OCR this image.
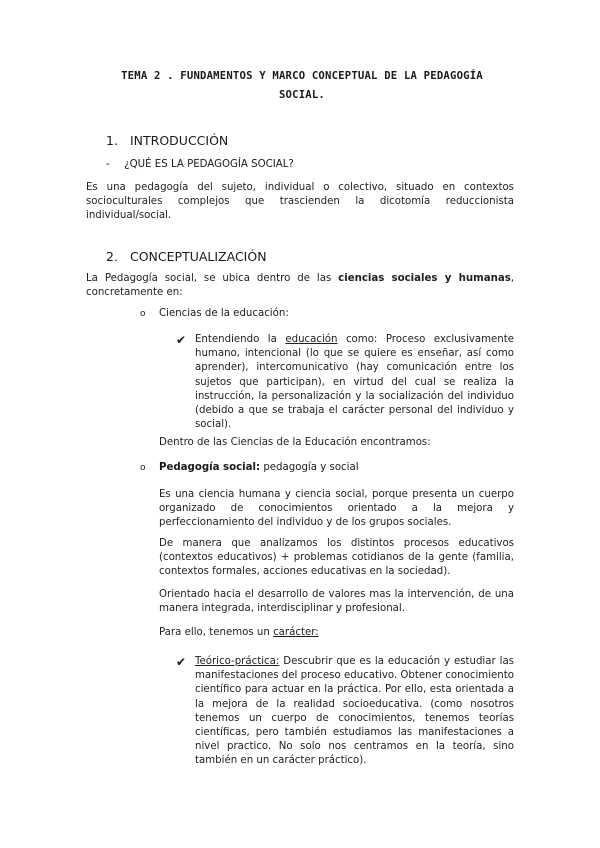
TEMA 2 . FUNDAMENTOS Y MARCO CONCEPTUAL DE LA PEDAGOGÍA
SOCIAL.
1. INTRODUCCIÓN
- ¿QUÉ ES LA PEDAGOGÍA SOCIAL?
Es una pedagogía del sujeto, individual o colectivo, situado en contextos socioculturales complejos que trascienden la dicotomía reduccionista individual/social.
2. CONCEPTUALIZACIÓN
La Pedagogía social, se ubica dentro de las ciencias sociales y humanas, concretamente en:
o Ciencias de la educación:
✔ Entendiendo la educación como: Proceso exclusivamente humano, intencional (lo que se quiere es enseñar, así como aprender), intercomunicativo (hay comunicación entre los sujetos que participan), en virtud del cual se realiza la instrucción, la personalización y la socialización del individuo (debido a que se trabaja el carácter personal del individuo y social).
Dentro de las Ciencias de la Educación encontramos:
o Pedagogía social: pedagogía y social
Es una ciencia humana y ciencia social, porque presenta un cuerpo organizado de conocimientos orientado a la mejora y perfeccionamiento del individuo y de los grupos sociales.
De manera que analizamos los distintos procesos educativos (contextos educativos) + problemas cotidianos de la gente (familia, contextos formales, acciones educativas en la sociedad).
Orientado hacia el desarrollo de valores mas la intervención, de una manera integrada, interdisciplinar y profesional.
Para ello, tenemos un carácter:
✔ Teórico-práctica: Descubrir que es la educación y estudiar las manifestaciones del proceso educativo. Obtener conocimiento científico para actuar en la práctica. Por ello, esta orientada a la mejora de la realidad socioeducativa. (como nosotros tenemos un cuerpo de conocimientos, tenemos teorías científicas, pero también estudiamos las manifestaciones a nivel practico. No solo nos centramos en la teoría, sino también en un carácter práctico).
